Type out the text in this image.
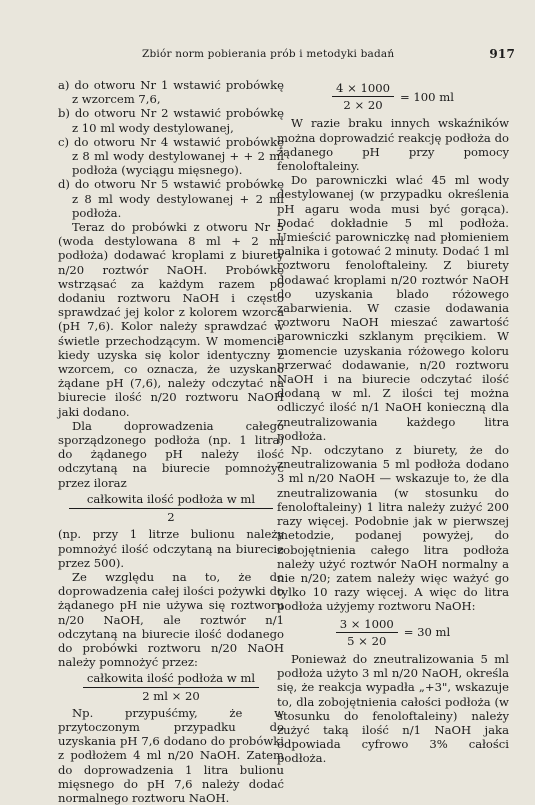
Zbiór norm pobierania prób i metodyki badań	917

a) do otworu Nr 1 wstawić probówkę z wzorcem 7,6,

b) do otworu Nr 2 wstawić probówkę z 10 ml wody destylowanej,

c) do otworu Nr 4 wstawić probówkę z 8 ml wody destylowanej + + 2 ml podłoża (wyciągu mięsnego).

d) do otworu Nr 5 wstawić probówkę z 8 ml wody destylowanej + 2 ml podłoża.

Teraz do probówki z otworu Nr 5 (woda destylowana 8 ml + 2 ml podłoża) dodawać kroplami z biurety n/20 roztwór NaOH. Probówkę wstrząsać za każdym razem po dodaniu roztworu NaOH i często sprawdzać jej kolor z kolorem wzorca (pH 7,6). Kolor należy sprawdzać w świetle przechodzącym. W momencie kiedy uzyska się kolor identyczny z wzorcem, co oznacza, że uzyskano żądane pH (7,6), należy odczytać na biurecie ilość n/20 roztworu NaOH jaki dodano.

Dla doprowadzenia całego sporządzonego podłoża (np. 1 litra) do żądanego pH należy ilość odczytaną na biurecie pomnożyć przez iloraz

całkowita ilość podłoża w ml
2

(np. przy 1 litrze bulionu należy pomnożyć ilość odczytaną na biurecie przez 500).

Ze względu na to, że do doprowadzenia całej ilości pożywki do żądanego pH nie używa się roztworu n/20 NaOH, ale roztwór n/1 odczytaną na biurecie ilość dodanego do probówki roztworu n/20 NaOH należy pomnożyć przez:

całkowita ilość podłoża w ml
2 ml × 20

Np. przypuśćmy, że w przytoczonym przypadku do uzyskania pH 7,6 dodano do probówki z podłożem 4 ml n/20 NaOH. Zatem do doprowadzenia 1 litra bulionu mięsnego do pH 7,6 należy dodać normalnego roztworu NaOH.

$\frac{4 \times 1000}{2 \times 20} = 100$ ml

W razie braku innych wskaźników można doprowadzić reakcję podłoża do żądanego pH przy pomocy fenoloftaleiny.

Do parowniczki wlać 45 ml wody destylowanej (w przypadku określenia pH agaru woda musi być gorąca). Dodać dokładnie 5 ml podłoża. Umieścić parowniczkę nad płomieniem palnika i gotować 2 minuty. Dodać 1 ml roztworu fenoloftaleiny. Z biurety dodawać kroplami n/20 roztwór NaOH do uzyskania blado różowego zabarwienia. W czasie dodawania roztworu NaOH mieszać zawartość parowniczki szklanym pręcikiem. W momencie uzyskania różowego koloru przerwać dodawanie, n/20 roztworu NaOH i na biurecie odczytać ilość dodaną w ml. Z ilości tej można odliczyć ilość n/1 NaOH konieczną dla zneutralizowania każdego litra podłoża.

Np. odczytano z biurety, że do zneutralizowania 5 ml podłoża dodano 3 ml n/20 NaOH — wskazuje to, że dla zneutralizowania (w stosunku do fenoloftaleiny) 1 litra należy zużyć 200 razy więcej. Podobnie jak w pierwszej metodzie, podanej powyżej, do zobojętnienia całego litra podłoża należy użyć roztwór NaOH normalny a nie n/20; zatem należy więc ważyć go tylko 10 razy więcej. A więc do litra podłoża użyjemy roztworu NaOH:

$\frac{3 \times 1000}{5 \times 20} = 30$ ml

Ponieważ do zneutralizowania 5 ml podłoża użyto 3 ml n/20 NaOH, określa się, że reakcja wypadła „+3", wskazuje to, dla zobojętnienia całości podłoża (w stosunku do fenoloftaleiny) należy zużyć taką ilość n/1 NaOH jaka odpowiada cyfrowo 3% całości podłoża.
